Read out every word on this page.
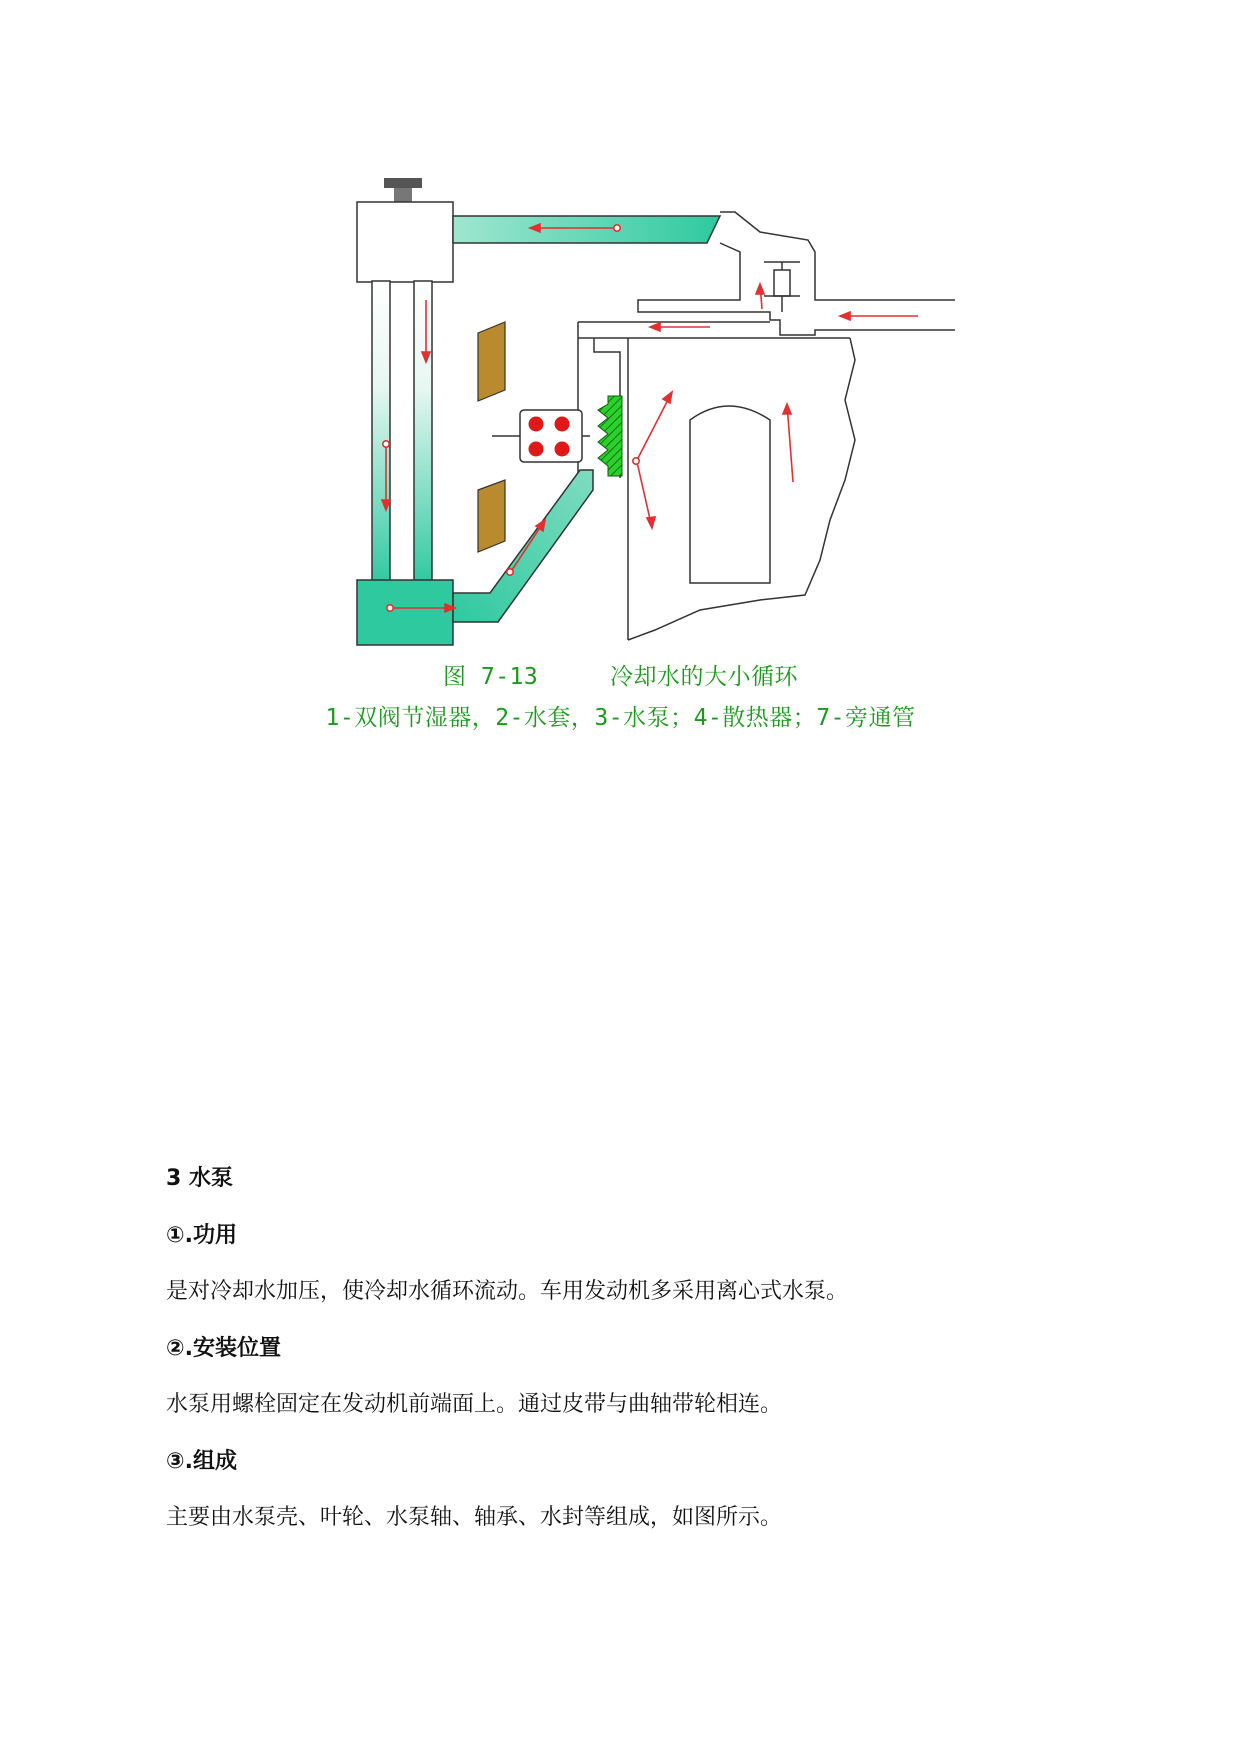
图 7-13	冷却水的大小循环
1-双阀节湿器，2-水套，3-水泵；4-散热器；7-旁通管

3 水泵

①.功用

是对冷却水加压，使冷却水循环流动。车用发动机多采用离心式水泵。

②.安装位置

水泵用螺栓固定在发动机前端面上。通过皮带与曲轴带轮相连。

③.组成

主要由水泵壳、叶轮、水泵轴、轴承、水封等组成，如图所示。
